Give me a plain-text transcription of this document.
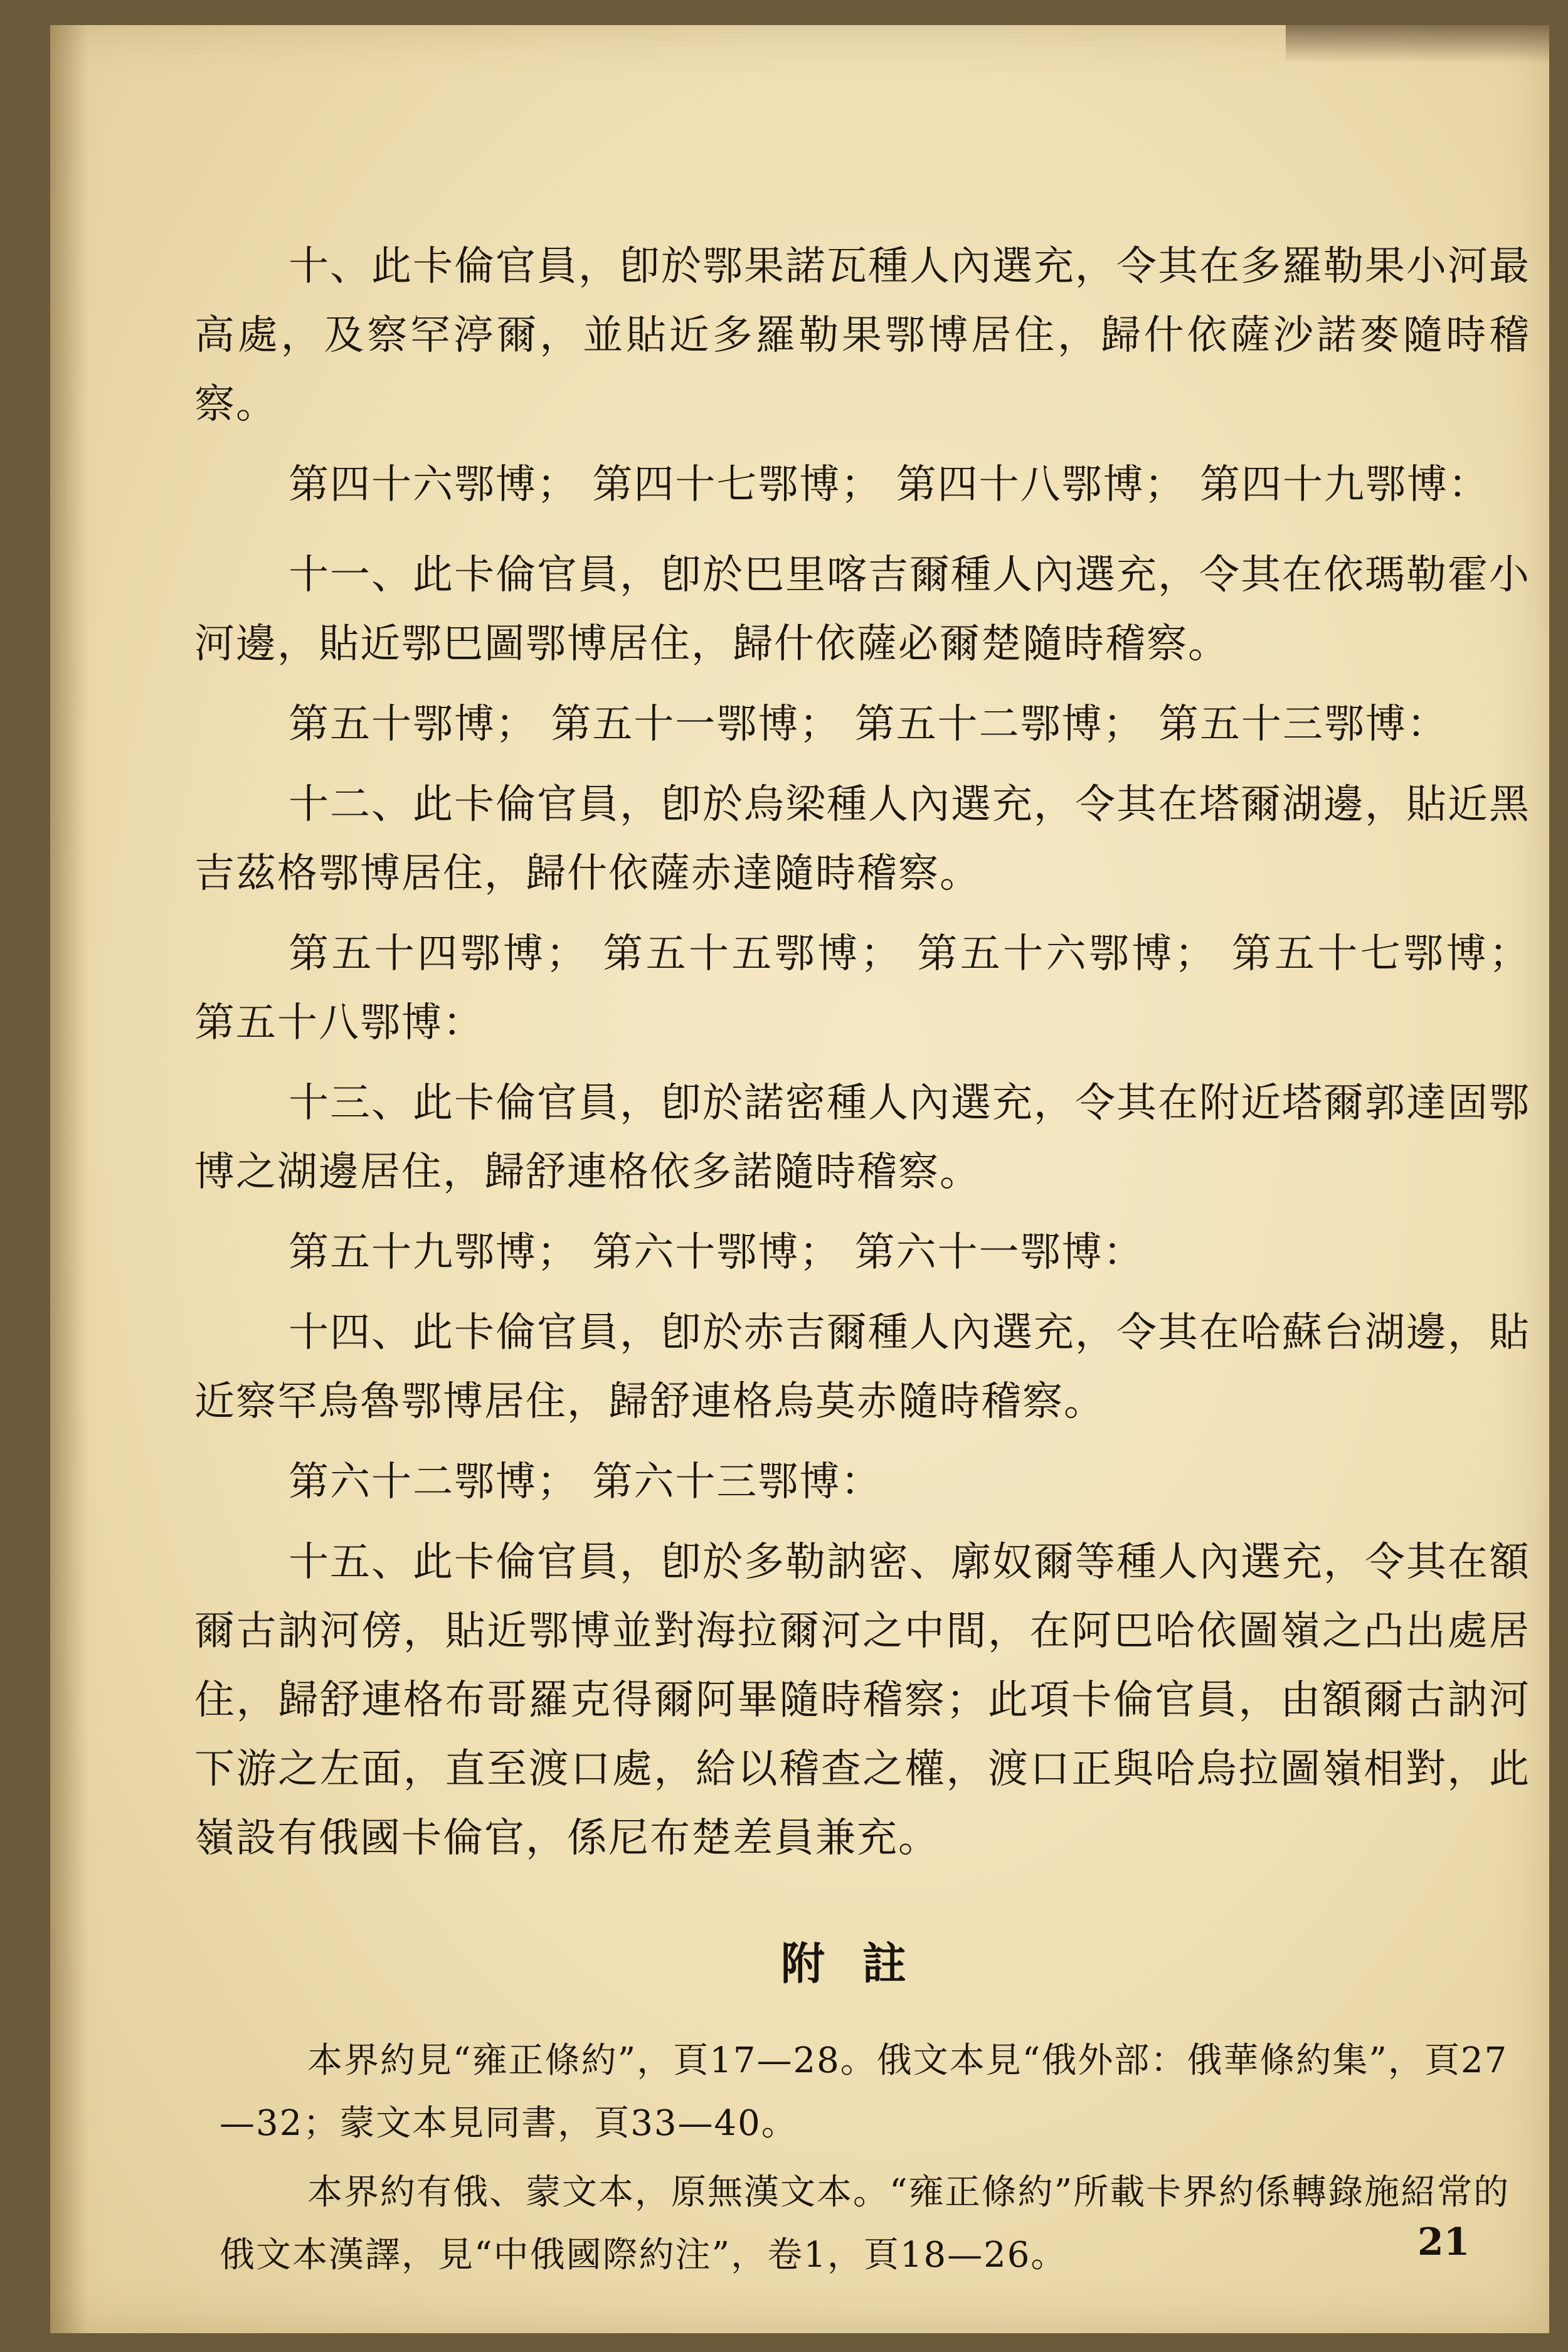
十、此卡倫官員，卽於鄂果諾瓦種人內選充，令其在多羅勒果小河最高處，及察罕渟爾，並貼近多羅勒果鄂博居住，歸什依薩沙諾麥隨時稽察。

第四十六鄂博； 第四十七鄂博； 第四十八鄂博； 第四十九鄂博：

十一、此卡倫官員，卽於巴里喀吉爾種人內選充，令其在依瑪勒霍小河邊，貼近鄂巴圖鄂博居住，歸什依薩必爾楚隨時稽察。

第五十鄂博； 第五十一鄂博； 第五十二鄂博； 第五十三鄂博：

十二、此卡倫官員，卽於烏梁種人內選充，令其在塔爾湖邊，貼近黑吉茲格鄂博居住，歸什依薩赤達隨時稽察。

第五十四鄂博； 第五十五鄂博； 第五十六鄂博； 第五十七鄂博； 第五十八鄂博：

十三、此卡倫官員，卽於諾密種人內選充，令其在附近塔爾郭達固鄂博之湖邊居住，歸舒連格依多諾隨時稽察。

第五十九鄂博； 第六十鄂博； 第六十一鄂博：

十四、此卡倫官員，卽於赤吉爾種人內選充，令其在哈蘇台湖邊，貼近察罕烏魯鄂博居住，歸舒連格烏莫赤隨時稽察。

第六十二鄂博； 第六十三鄂博：

十五、此卡倫官員，卽於多勒訥密、廓奴爾等種人內選充，令其在額爾古訥河傍，貼近鄂博並對海拉爾河之中間，在阿巴哈依圖嶺之凸出處居住，歸舒連格布哥羅克得爾阿畢隨時稽察；此項卡倫官員，由額爾古訥河下游之左面，直至渡口處，給以稽查之權，渡口正與哈烏拉圖嶺相對，此嶺設有俄國卡倫官，係尼布楚差員兼充。

附註

本界約見“雍正條約”，頁17—28。俄文本見“俄外部：俄華條約集”，頁27—32；蒙文本見同書，頁33—40。

本界約有俄、蒙文本，原無漢文本。“雍正條約”所載卡界約係轉錄施紹常的俄文本漢譯，見“中俄國際約注”，卷1，頁18—26。	21
